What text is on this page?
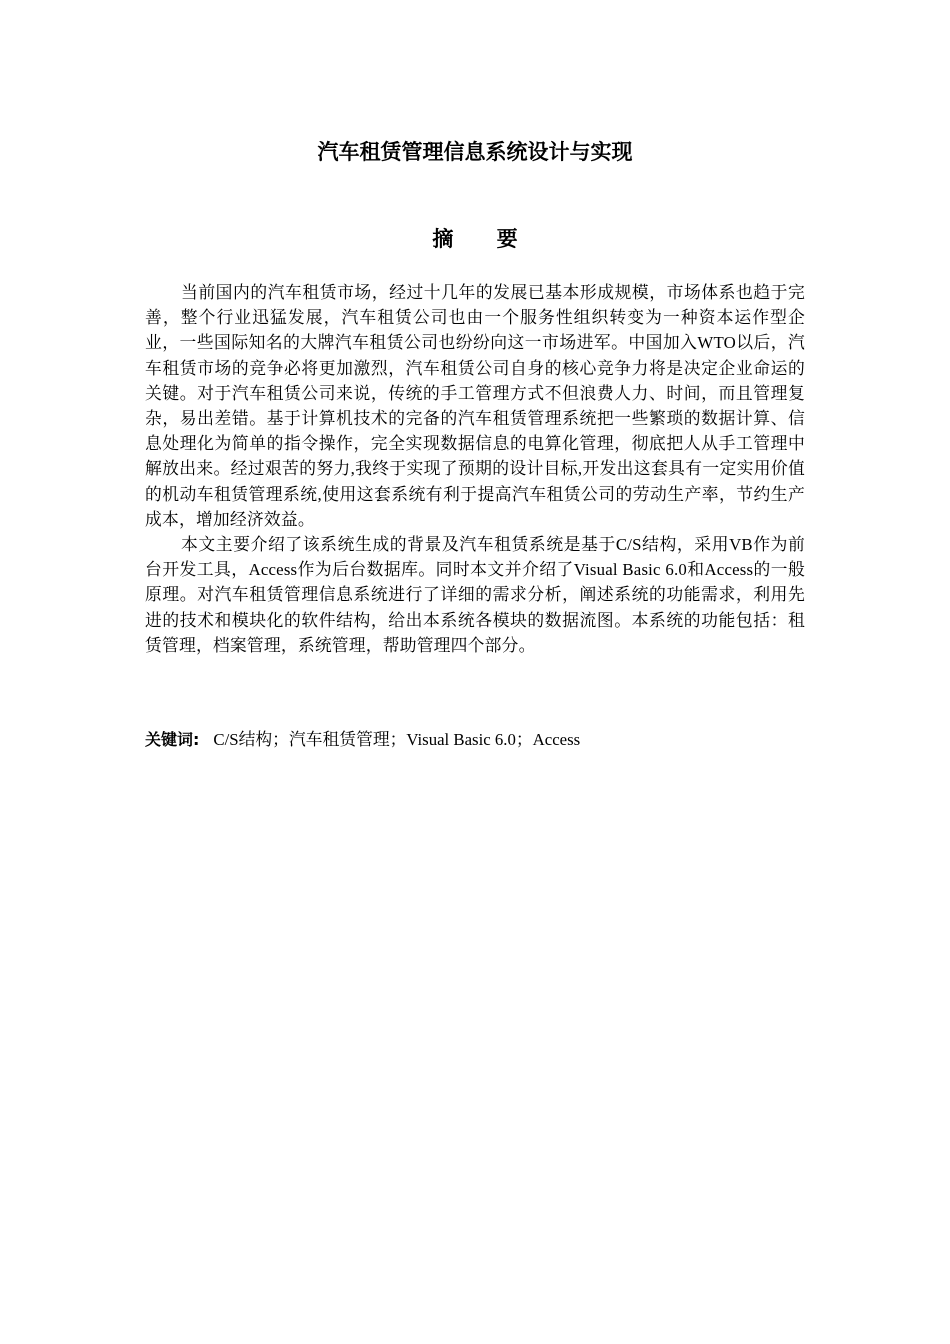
汽车租赁管理信息系统设计与实现
摘 要

当前国内的汽车租赁市场，经过十几年的发展已基本形成规模，市场体系也趋于完善，整个行业迅猛发展，汽车租赁公司也由一个服务性组织转变为一种资本运作型企业，一些国际知名的大牌汽车租赁公司也纷纷向这一市场进军。中国加入WTO以后，汽车租赁市场的竞争必将更加激烈，汽车租赁公司自身的核心竞争力将是决定企业命运的关键。对于汽车租赁公司来说，传统的手工管理方式不但浪费人力、时间，而且管理复杂，易出差错。基于计算机技术的完备的汽车租赁管理系统把一些繁琐的数据计算、信息处理化为简单的指令操作，完全实现数据信息的电算化管理，彻底把人从手工管理中解放出来。经过艰苦的努力,我终于实现了预期的设计目标,开发出这套具有一定实用价值的机动车租赁管理系统,使用这套系统有利于提高汽车租赁公司的劳动生产率，节约生产成本，增加经济效益。

本文主要介绍了该系统生成的背景及汽车租赁系统是基于C/S结构，采用VB作为前台开发工具，Access作为后台数据库。同时本文并介绍了Visual Basic 6.0和Access的一般原理。对汽车租赁管理信息系统进行了详细的需求分析，阐述系统的功能需求，利用先进的技术和模块化的软件结构，给出本系统各模块的数据流图。本系统的功能包括：租赁管理，档案管理，系统管理，帮助管理四个部分。

关键词: C/S结构；汽车租赁管理；Visual Basic 6.0；Access
